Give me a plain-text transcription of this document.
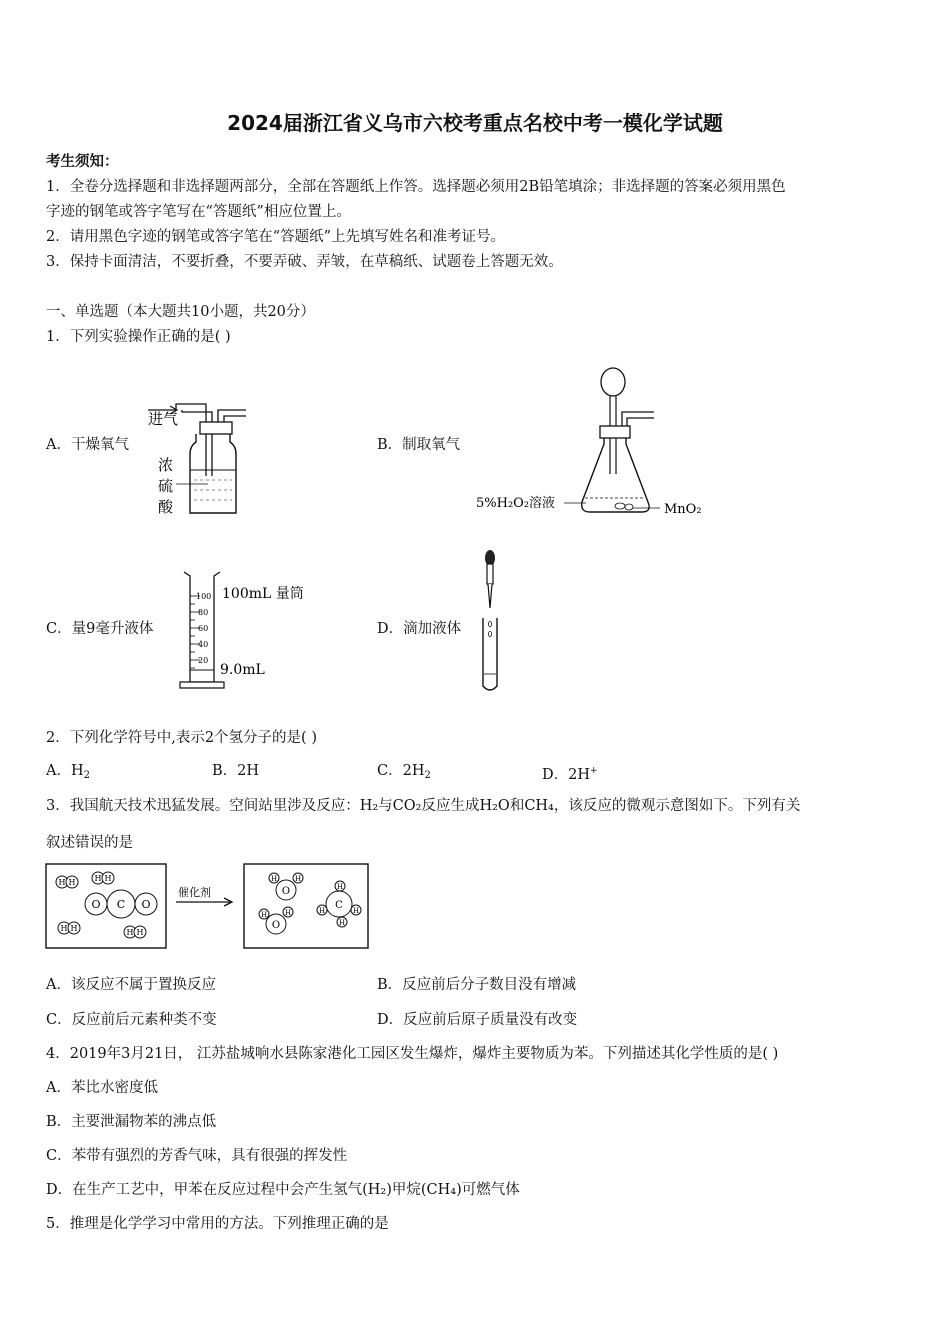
2024届浙江省义乌市六校考重点名校中考一模化学试题
考生须知：
1．全卷分选择题和非选择题两部分，全部在答题纸上作答。选择题必须用2B铅笔填涂；非选择题的答案必须用黑色
字迹的钢笔或答字笔写在“答题纸”相应位置上。
2．请用黑色字迹的钢笔或答字笔在“答题纸”上先填写姓名和准考证号。
3．保持卡面清洁，不要折叠，不要弄破、弄皱，在草稿纸、试题卷上答题无效。
一、单选题（本大题共10小题，共20分）
1．下列实验操作正确的是( )
A．干燥氧气
进气
浓
硫
酸
B．制取氧气
5%H₂O₂溶液	MnO₂
C．量9毫升液体
100
80
60
40
20
100mL 量筒
9.0mL
D．滴加液体
2．下列化学符号中,表示2个氢分子的是( )
A．$H_2$	B．2H	C．$2H_2$	D．2H+
3．我国航天技术迅猛发展。空间站里涉及反应：H₂与CO₂反应生成H₂O和CH₄，该反应的微观示意图如下。下列有关
叙述错误的是
H H H H
H H	H H
O C O
催化剂
H	H
H	H
H
H	H
H
O
O
C
A．该反应不属于置换反应	B．反应前后分子数目没有增减
C．反应前后元素种类不变	D．反应前后原子质量没有改变
4．2019年3月21日， 江苏盐城响水县陈家港化工园区发生爆炸，爆炸主要物质为苯。下列描述其化学性质的是( )
A．苯比水密度低
B．主要泄漏物苯的沸点低
C．苯带有强烈的芳香气味，具有很强的挥发性
D．在生产工艺中，甲苯在反应过程中会产生氢气(H₂)甲烷(CH₄)可燃气体
5．推理是化学学习中常用的方法。下列推理正确的是
